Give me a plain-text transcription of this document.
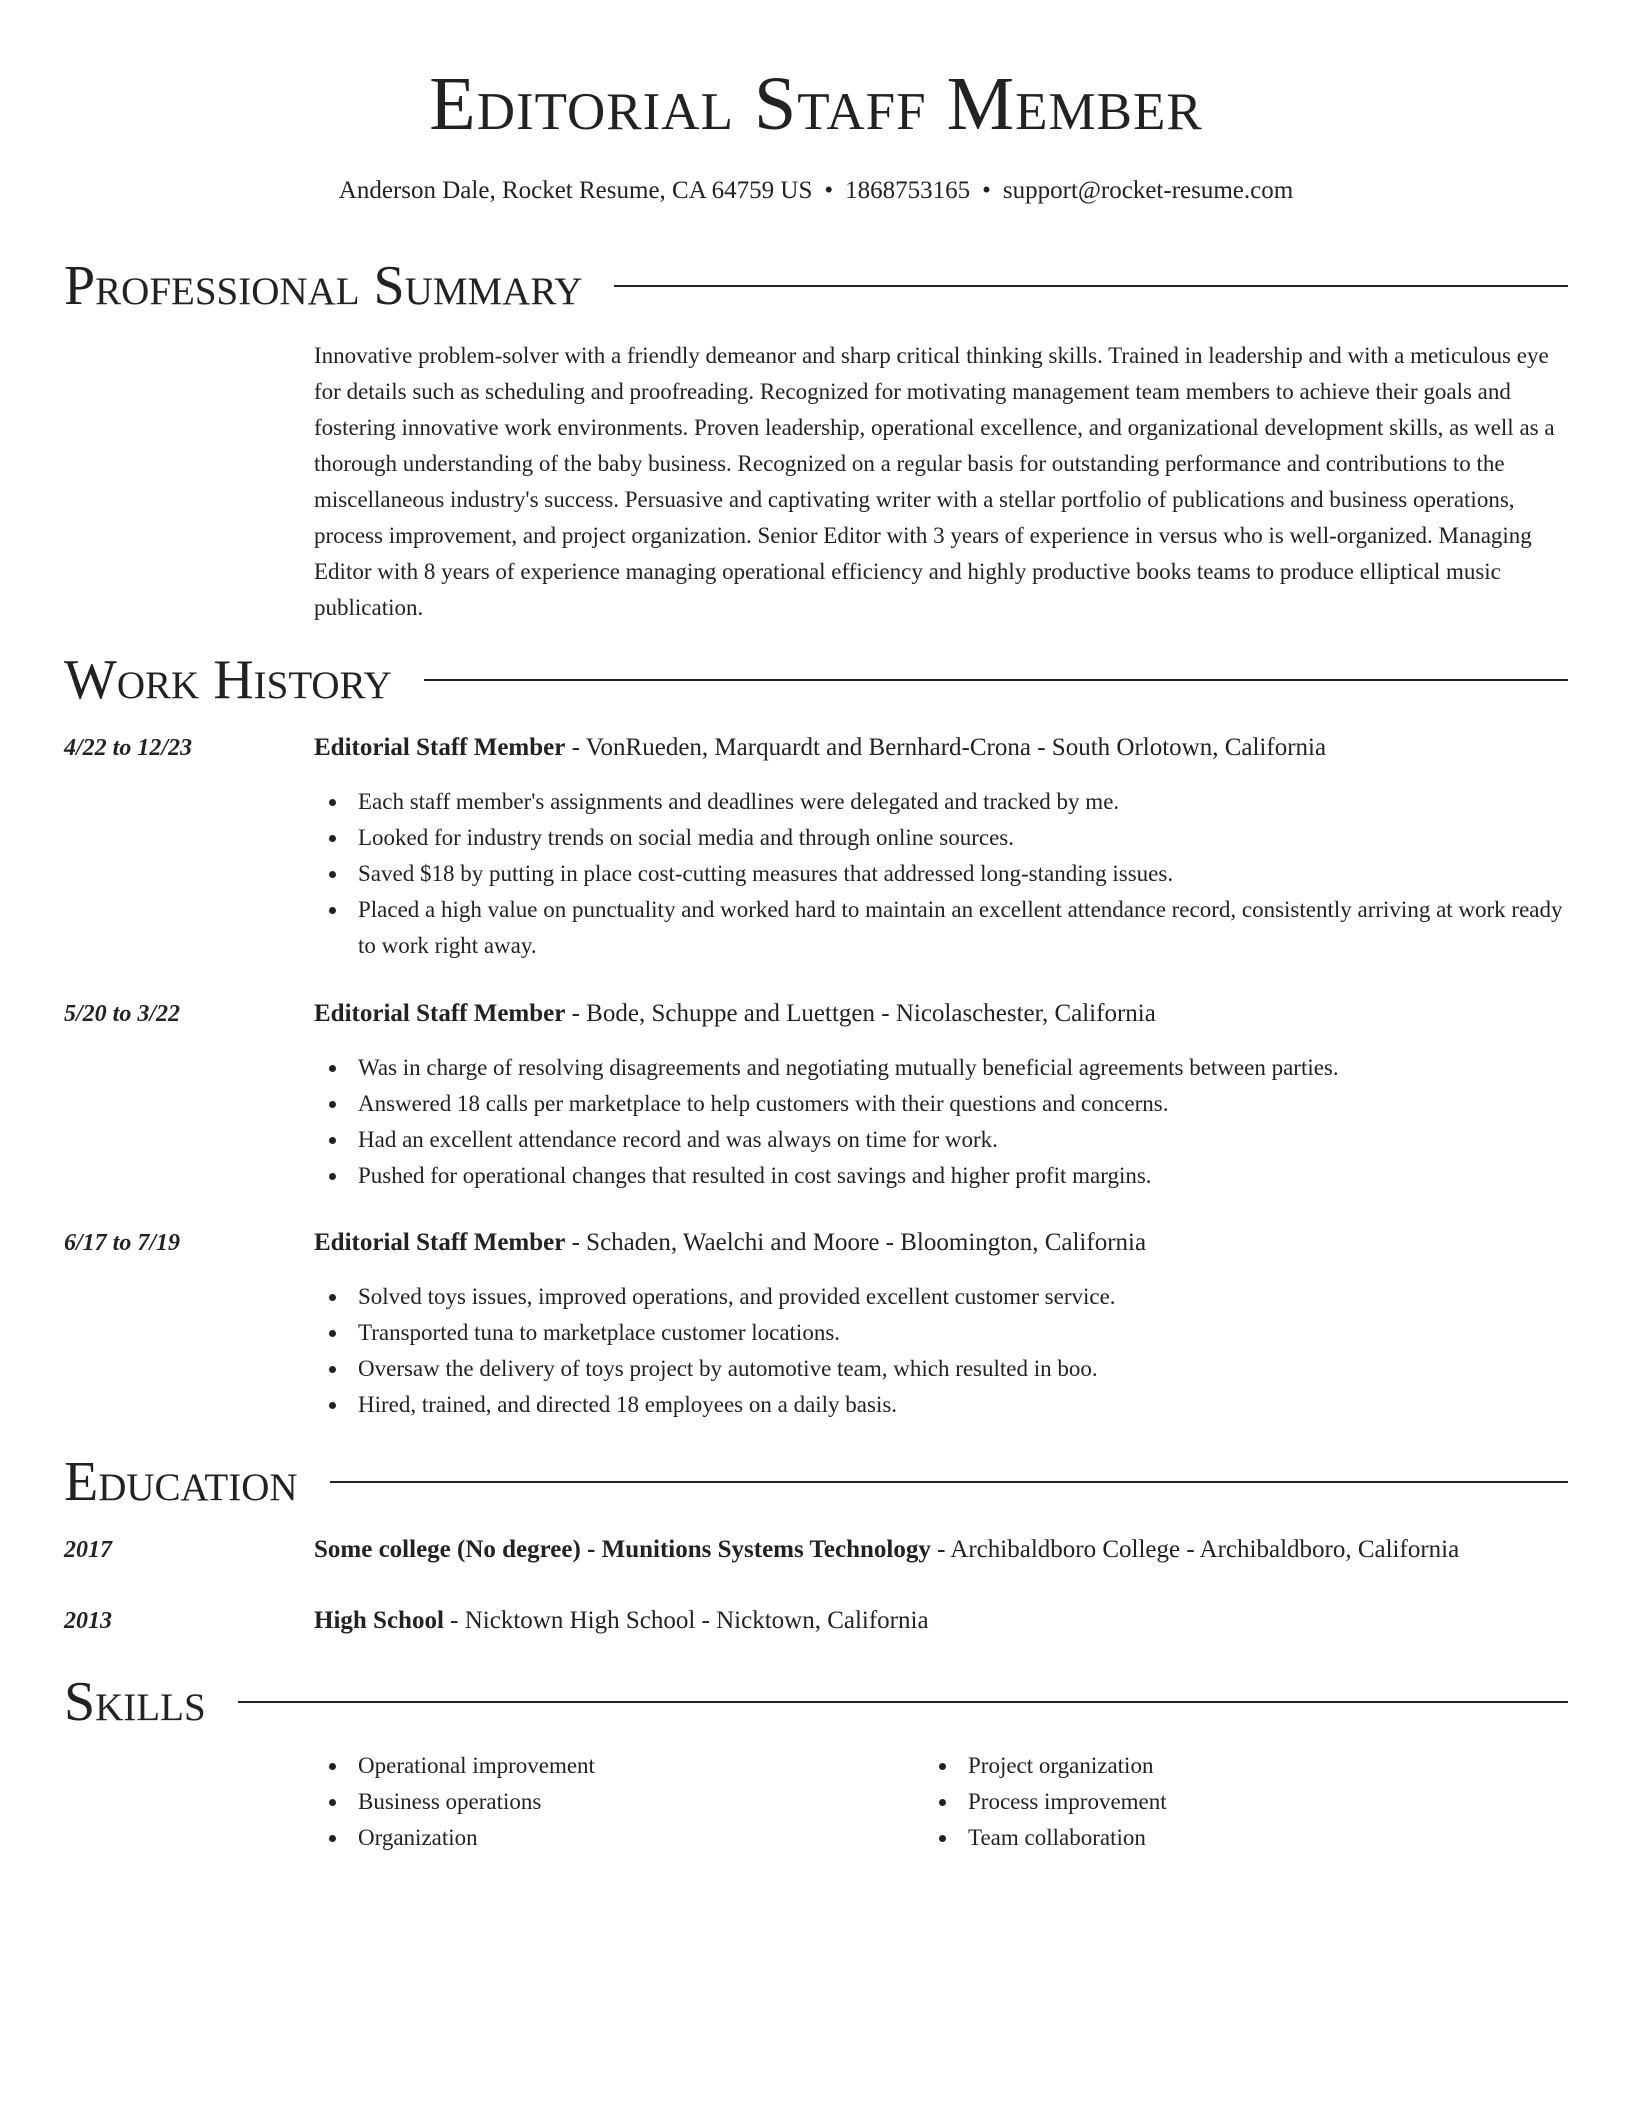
Editorial Staff Member
Anderson Dale, Rocket Resume, CA 64759 US • 1868753165 • support@rocket-resume.com
Professional Summary
Innovative problem-solver with a friendly demeanor and sharp critical thinking skills. Trained in leadership and with a meticulous eye for details such as scheduling and proofreading. Recognized for motivating management team members to achieve their goals and fostering innovative work environments. Proven leadership, operational excellence, and organizational development skills, as well as a thorough understanding of the baby business. Recognized on a regular basis for outstanding performance and contributions to the miscellaneous industry's success. Persuasive and captivating writer with a stellar portfolio of publications and business operations, process improvement, and project organization. Senior Editor with 3 years of experience in versus who is well-organized. Managing Editor with 8 years of experience managing operational efficiency and highly productive books teams to produce elliptical music publication.
Work History
4/22 to 12/23	Editorial Staff Member - VonRueden, Marquardt and Bernhard-Crona - South Orlotown, California
Each staff member's assignments and deadlines were delegated and tracked by me.
Looked for industry trends on social media and through online sources.
Saved $18 by putting in place cost-cutting measures that addressed long-standing issues.
Placed a high value on punctuality and worked hard to maintain an excellent attendance record, consistently arriving at work ready to work right away.
5/20 to 3/22	Editorial Staff Member - Bode, Schuppe and Luettgen - Nicolaschester, California
Was in charge of resolving disagreements and negotiating mutually beneficial agreements between parties.
Answered 18 calls per marketplace to help customers with their questions and concerns.
Had an excellent attendance record and was always on time for work.
Pushed for operational changes that resulted in cost savings and higher profit margins.
6/17 to 7/19	Editorial Staff Member - Schaden, Waelchi and Moore - Bloomington, California
Solved toys issues, improved operations, and provided excellent customer service.
Transported tuna to marketplace customer locations.
Oversaw the delivery of toys project by automotive team, which resulted in boo.
Hired, trained, and directed 18 employees on a daily basis.
Education
2017	Some college (No degree) - Munitions Systems Technology - Archibaldboro College - Archibaldboro, California
2013	High School - Nicktown High School - Nicktown, California
Skills
Operational improvement
Business operations
Organization
Project organization
Process improvement
Team collaboration
